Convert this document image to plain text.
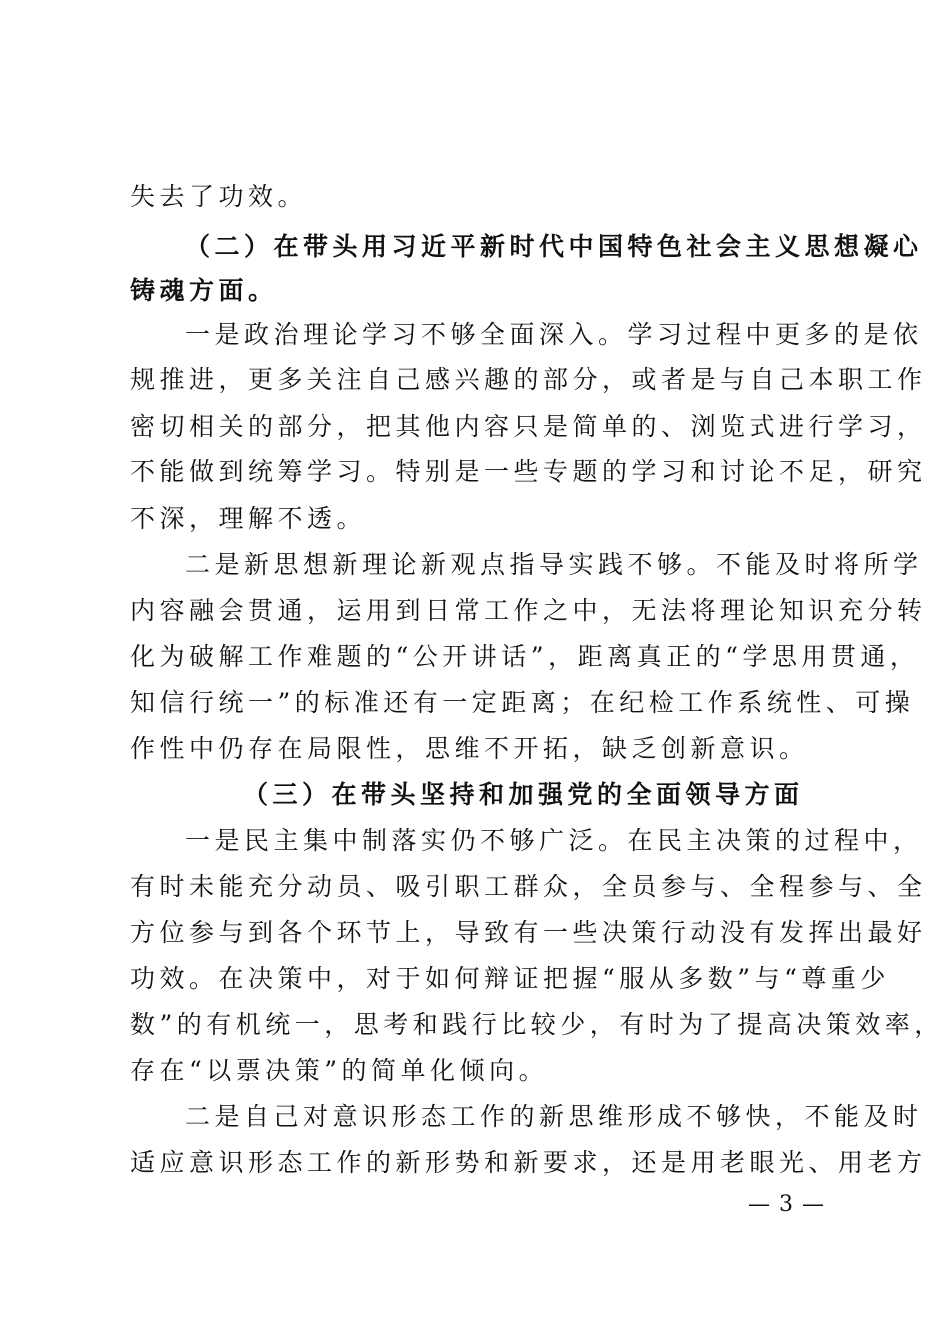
失去了功效。
（二）在带头用习近平新时代中国特色社会主义思想凝心
铸魂方面。
一是政治理论学习不够全面深入。学习过程中更多的是依
规推进，更多关注自己感兴趣的部分，或者是与自己本职工作
密切相关的部分，把其他内容只是简单的、浏览式进行学习，
不能做到统筹学习。特别是一些专题的学习和讨论不足，研究
不深，理解不透。
二是新思想新理论新观点指导实践不够。不能及时将所学
内容融会贯通，运用到日常工作之中，无法将理论知识充分转
化为破解工作难题的“公开讲话”，距离真正的“学思用贯通，
知信行统一”的标准还有一定距离；在纪检工作系统性、可操
作性中仍存在局限性，思维不开拓，缺乏创新意识。
（三）在带头坚持和加强党的全面领导方面
一是民主集中制落实仍不够广泛。在民主决策的过程中，
有时未能充分动员、吸引职工群众，全员参与、全程参与、全
方位参与到各个环节上，导致有一些决策行动没有发挥出最好
功效。在决策中，对于如何辩证把握“服从多数”与“尊重少
数”的有机统一，思考和践行比较少，有时为了提高决策效率，
存在“以票决策”的简单化倾向。
二是自己对意识形态工作的新思维形成不够快，不能及时
适应意识形态工作的新形势和新要求，还是用老眼光、用老方
— 3 —
